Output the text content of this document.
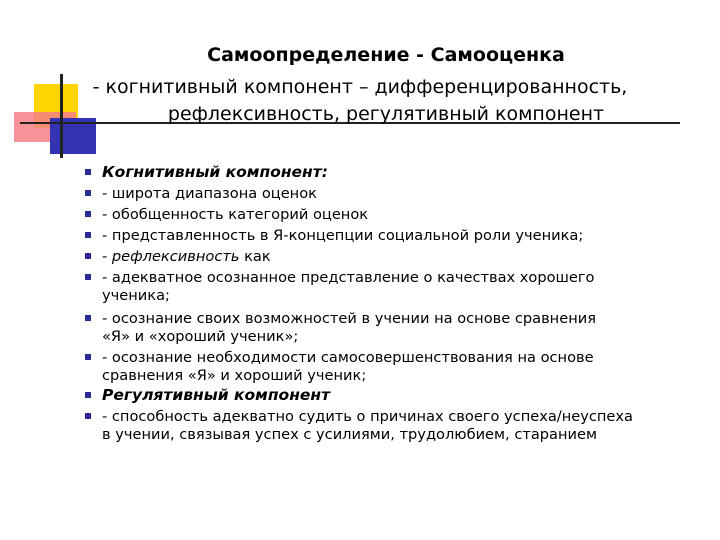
Самоопределение - Самооценка
- когнитивный компонент – дифференцированность,
рефлексивность, регулятивный компонент
Когнитивный компонент:
- широта диапазона оценок
- обобщенность категорий оценок
- представленность в Я-концепции социальной роли ученика;
- рефлексивность как
- адекватное осознанное представление о качествах хорошего
ученика;
- осознание своих возможностей в учении на основе сравнения
«Я» и «хороший ученик»;
- осознание необходимости самосовершенствования на основе
сравнения «Я» и хороший ученик;
Регулятивный компонент
- способность адекватно судить о причинах своего успеха/неуспеха
в учении, связывая успех с усилиями, трудолюбием, старанием
